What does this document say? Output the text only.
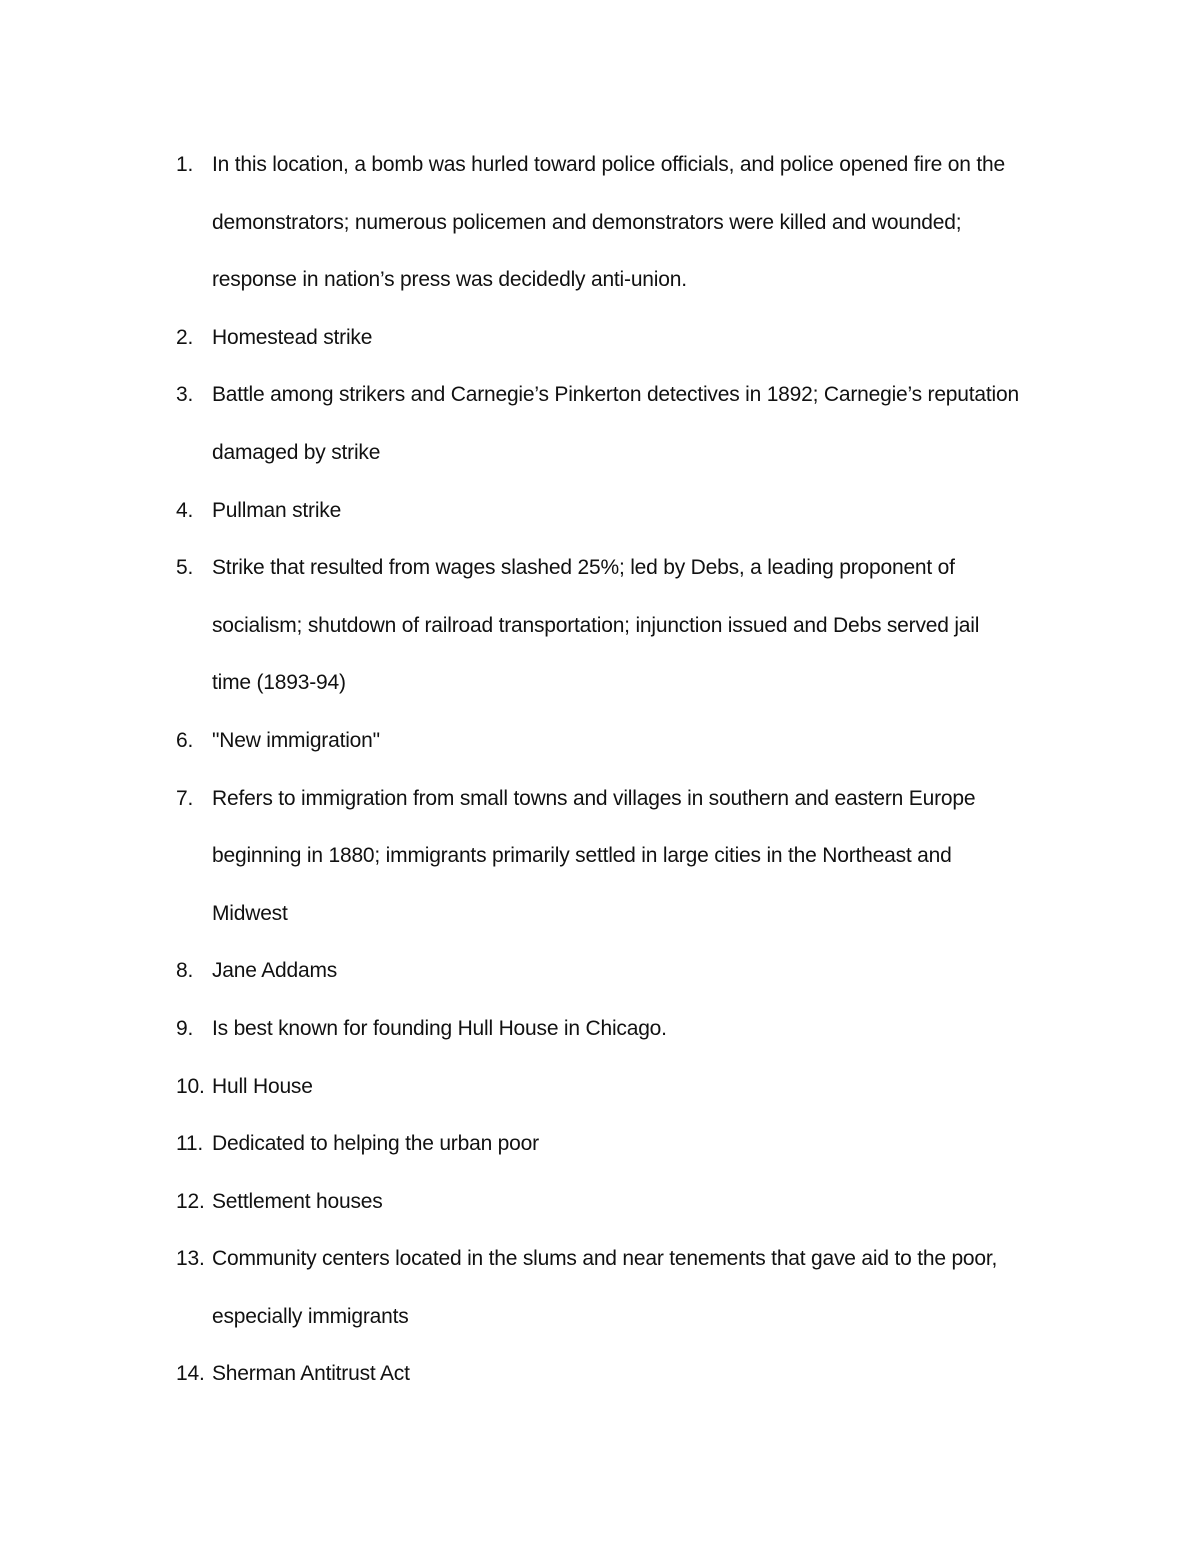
1. In this location, a bomb was hurled toward police officials, and police opened fire on the
demonstrators; numerous policemen and demonstrators were killed and wounded;
response in nation’s press was decidedly anti-union.
2. Homestead strike
3. Battle among strikers and Carnegie’s Pinkerton detectives in 1892; Carnegie’s reputation
damaged by strike
4. Pullman strike
5. Strike that resulted from wages slashed 25%; led by Debs, a leading proponent of
socialism; shutdown of railroad transportation; injunction issued and Debs served jail
time (1893-94)
6. "New immigration"
7. Refers to immigration from small towns and villages in southern and eastern Europe
beginning in 1880; immigrants primarily settled in large cities in the Northeast and
Midwest
8. Jane Addams
9. Is best known for founding Hull House in Chicago.
10. Hull House
11. Dedicated to helping the urban poor
12. Settlement houses
13. Community centers located in the slums and near tenements that gave aid to the poor,
especially immigrants
14. Sherman Antitrust Act
